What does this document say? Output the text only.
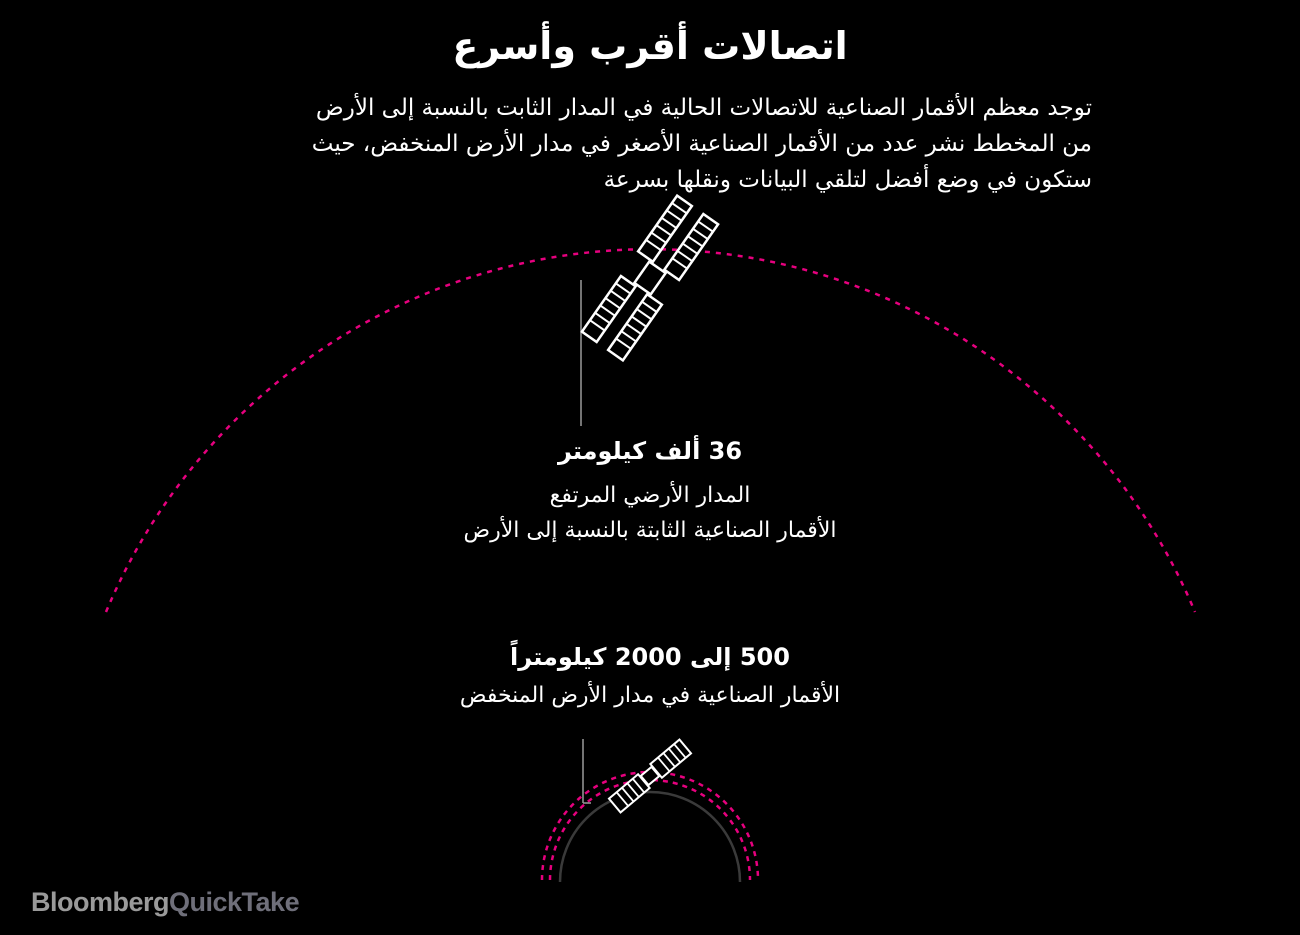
اتصالات أقرب وأسرع

توجد معظم الأقمار الصناعية للاتصالات الحالية في المدار الثابت بالنسبة إلى الأرض
من المخطط نشر عدد من الأقمار الصناعية الأصغر في مدار الأرض المنخفض، حيث
ستكون في وضع أفضل لتلقي البيانات ونقلها بسرعة

36 ألف كيلومتر
المدار الأرضي المرتفع
الأقمار الصناعية الثابتة بالنسبة إلى الأرض
500 إلى 2000 كيلومتراً
الأقمار الصناعية في مدار الأرض المنخفض
BloombergQuickTake
